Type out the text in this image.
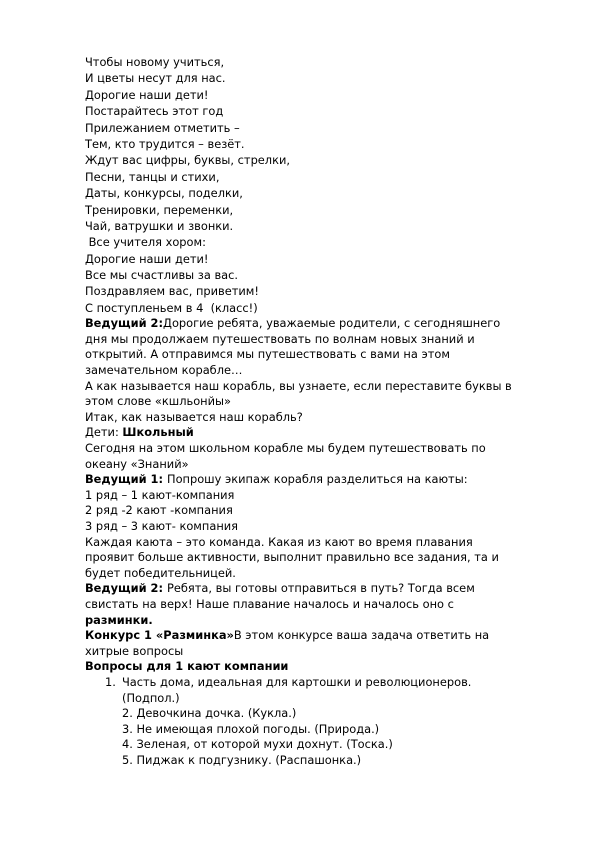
Чтобы новому учиться,
И цветы несут для нас.
Дорогие наши дети!
Постарайтесь этот год
Прилежанием отметить –
Тем, кто трудится – везёт.
Ждут вас цифры, буквы, стрелки,
Песни, танцы и стихи,
Даты, конкурсы, поделки,
Тренировки, переменки,
Чай, ватрушки и звонки.
Все учителя хором:
Дорогие наши дети!
Все мы счастливы за вас.
Поздравляем вас, приветим!
С поступленьем в 4  (класс!)

Ведущий 2:Дорогие ребята, уважаемые родители, с сегодняшнего дня мы продолжаем путешествовать по волнам новых знаний и открытий. А отправимся мы путешествовать с вами на этом замечательном корабле…

А как называется наш корабль, вы узнаете, если переставите буквы в этом слове «кшльонйы»

Итак, как называется наш корабль?

Дети: Школьный

Сегодня на этом школьном корабле мы будем путешествовать по океану «Знаний»

Ведущий 1: Попрошу экипаж корабля разделиться на каюты:

1 ряд – 1 кают-компания
2 ряд -2 кают -компания
3 ряд – 3 кают- компания

Каждая каюта – это команда. Какая из кают во время плавания проявит больше активности, выполнит правильно все задания, та и будет победительницей.

Ведущий 2: Ребята, вы готовы отправиться в путь? Тогда всем свистать на верх! Наше плавание началось и началось оно с разминки.

Конкурс 1 «Разминка»В этом конкурсе ваша задача ответить на хитрые вопросы

Вопросы для 1 кают компании
1. Часть дома, идеальная для картошки и революционеров. (Подпол.)
2. Девочкина дочка. (Кукла.)
3. Не имеющая плохой погоды. (Природа.)
4. Зеленая, от которой мухи дохнут. (Тоска.)
5. Пиджак к подгузнику. (Распашонка.)
